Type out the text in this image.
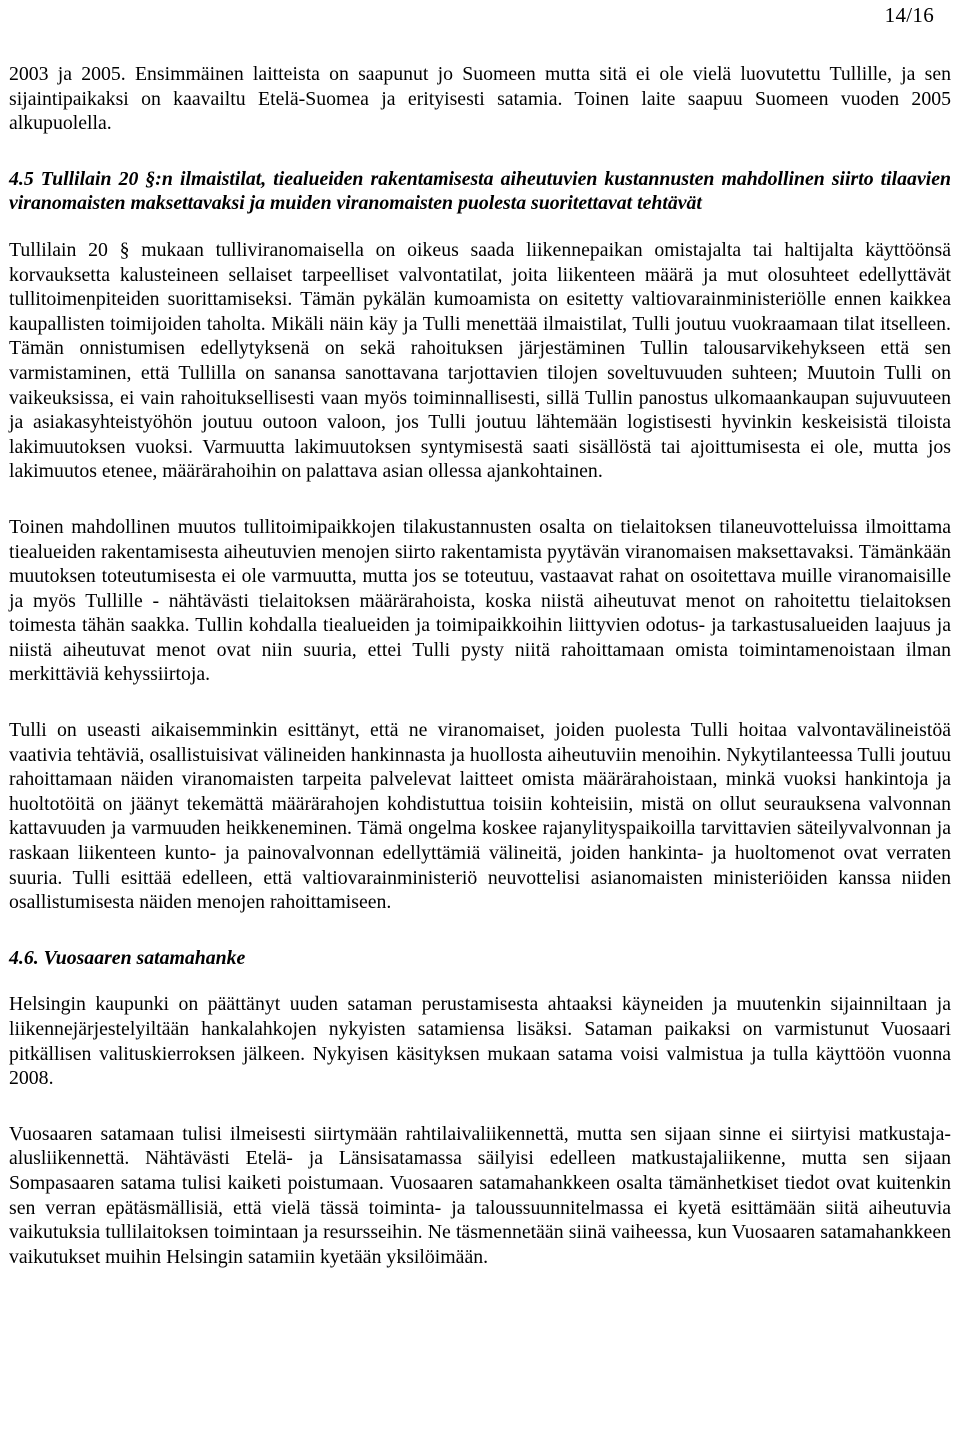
14/16

2003 ja 2005. Ensimmäinen laitteista on saapunut jo Suomeen mutta sitä ei ole vielä luovutettu Tullille, ja sen sijaintipaikaksi on kaavailtu Etelä-Suomea ja erityisesti satamia. Toinen laite saapuu Suomeen vuoden 2005 alkupuolella.

4.5 Tullilain 20 §:n ilmaistilat, tiealueiden rakentamisesta aiheutuvien kustannusten mahdollinen siirto tilaavien viranomaisten maksettavaksi ja muiden viranomaisten puolesta suoritettavat tehtävät

Tullilain 20 § mukaan tulliviranomaisella on oikeus saada liikennepaikan omistajalta tai haltijalta käyttöönsä korvauksetta kalusteineen sellaiset tarpeelliset valvontatilat, joita liikenteen määrä ja mut olosuhteet edellyttävät tullitoimenpiteiden suorittamiseksi. Tämän pykälän kumoamista on esitetty valtiovarainministeriölle ennen kaikkea kaupallisten toimijoiden taholta. Mikäli näin käy ja Tulli menettää ilmaistilat, Tulli joutuu vuokraamaan tilat itselleen. Tämän onnistumisen edellytyksenä on sekä rahoituksen järjestäminen Tullin talousarvikehykseen että sen varmistaminen, että Tullilla on sanansa sanottavana tarjottavien tilojen soveltuvuuden suhteen; Muutoin Tulli on vaikeuksissa, ei vain rahoituksellisesti vaan myös toiminnallisesti, sillä Tullin panostus ulkomaankaupan sujuvuuteen ja asiakasyhteistyöhön joutuu outoon valoon, jos Tulli joutuu lähtemään logistisesti hyvinkin keskeisistä tiloista lakimuutoksen vuoksi. Varmuutta lakimuutoksen syntymisestä saati sisällöstä tai ajoittumisesta ei ole, mutta jos lakimuutos etenee, määrärahoihin on palattava asian ollessa ajankohtainen.

Toinen mahdollinen muutos tullitoimipaikkojen tilakustannusten osalta on tielaitoksen tilaneuvotteluissa ilmoittama tiealueiden rakentamisesta aiheutuvien menojen siirto rakentamista pyytävän viranomaisen maksettavaksi. Tämänkään muutoksen toteutumisesta ei ole varmuutta, mutta jos se toteutuu, vastaavat rahat on osoitettava muille viranomaisille ja myös Tullille - nähtävästi tielaitoksen määrärahoista, koska niistä aiheutuvat menot on rahoitettu tielaitoksen toimesta tähän saakka. Tullin kohdalla tiealueiden ja toimipaikkoihin liittyvien odotus- ja tarkastusalueiden laajuus ja niistä aiheutuvat menot ovat niin suuria, ettei Tulli pysty niitä rahoittamaan omista toimintamenoistaan ilman merkittäviä kehyssiirtoja.

Tulli on useasti aikaisemminkin esittänyt, että ne viranomaiset, joiden puolesta Tulli hoitaa valvontavälineistöä vaativia tehtäviä, osallistuisivat välineiden hankinnasta ja huollosta aiheutuviin menoihin. Nykytilanteessa Tulli joutuu rahoittamaan näiden viranomaisten tarpeita palvelevat laitteet omista määrärahoistaan, minkä vuoksi hankintoja ja huoltotöitä on jäänyt tekemättä määrärahojen kohdistuttua toisiin kohteisiin, mistä on ollut seurauksena valvonnan kattavuuden ja varmuuden heikkeneminen. Tämä ongelma koskee rajanylityspaikoilla tarvittavien säteilyvalvonnan ja raskaan liikenteen kunto- ja painovalvonnan edellyttämiä välineitä, joiden hankinta- ja huoltomenot ovat verraten suuria. Tulli esittää edelleen, että valtiovarainministeriö neuvottelisi asianomaisten ministeriöiden kanssa niiden osallistumisesta näiden menojen rahoittamiseen.

4.6. Vuosaaren satamahanke

Helsingin kaupunki on päättänyt uuden sataman perustamisesta ahtaaksi käyneiden ja muutenkin sijainniltaan ja liikennejärjestelyiltään hankalahkojen nykyisten satamiensa lisäksi. Sataman paikaksi on varmistunut Vuosaari pitkällisen valituskierroksen jälkeen. Nykyisen käsityksen mukaan satama voisi valmistua ja tulla käyttöön vuonna 2008.

Vuosaaren satamaan tulisi ilmeisesti siirtymään rahtilaivaliikennettä, mutta sen sijaan sinne ei siirtyisi matkustaja-alusliikennettä. Nähtävästi Etelä- ja Länsisatamassa säilyisi edelleen matkustajaliikenne, mutta sen sijaan Sompasaaren satama tulisi kaiketi poistumaan. Vuosaaren satamahankkeen osalta tämänhetkiset tiedot ovat kuitenkin sen verran epätäsmällisiä, että vielä tässä toiminta- ja taloussuunnitelmassa ei kyetä esittämään siitä aiheutuvia vaikutuksia tullilaitoksen toimintaan ja resursseihin. Ne täsmennetään siinä vaiheessa, kun Vuosaaren satamahankkeen vaikutukset muihin Helsingin satamiin kyetään yksilöimään.
